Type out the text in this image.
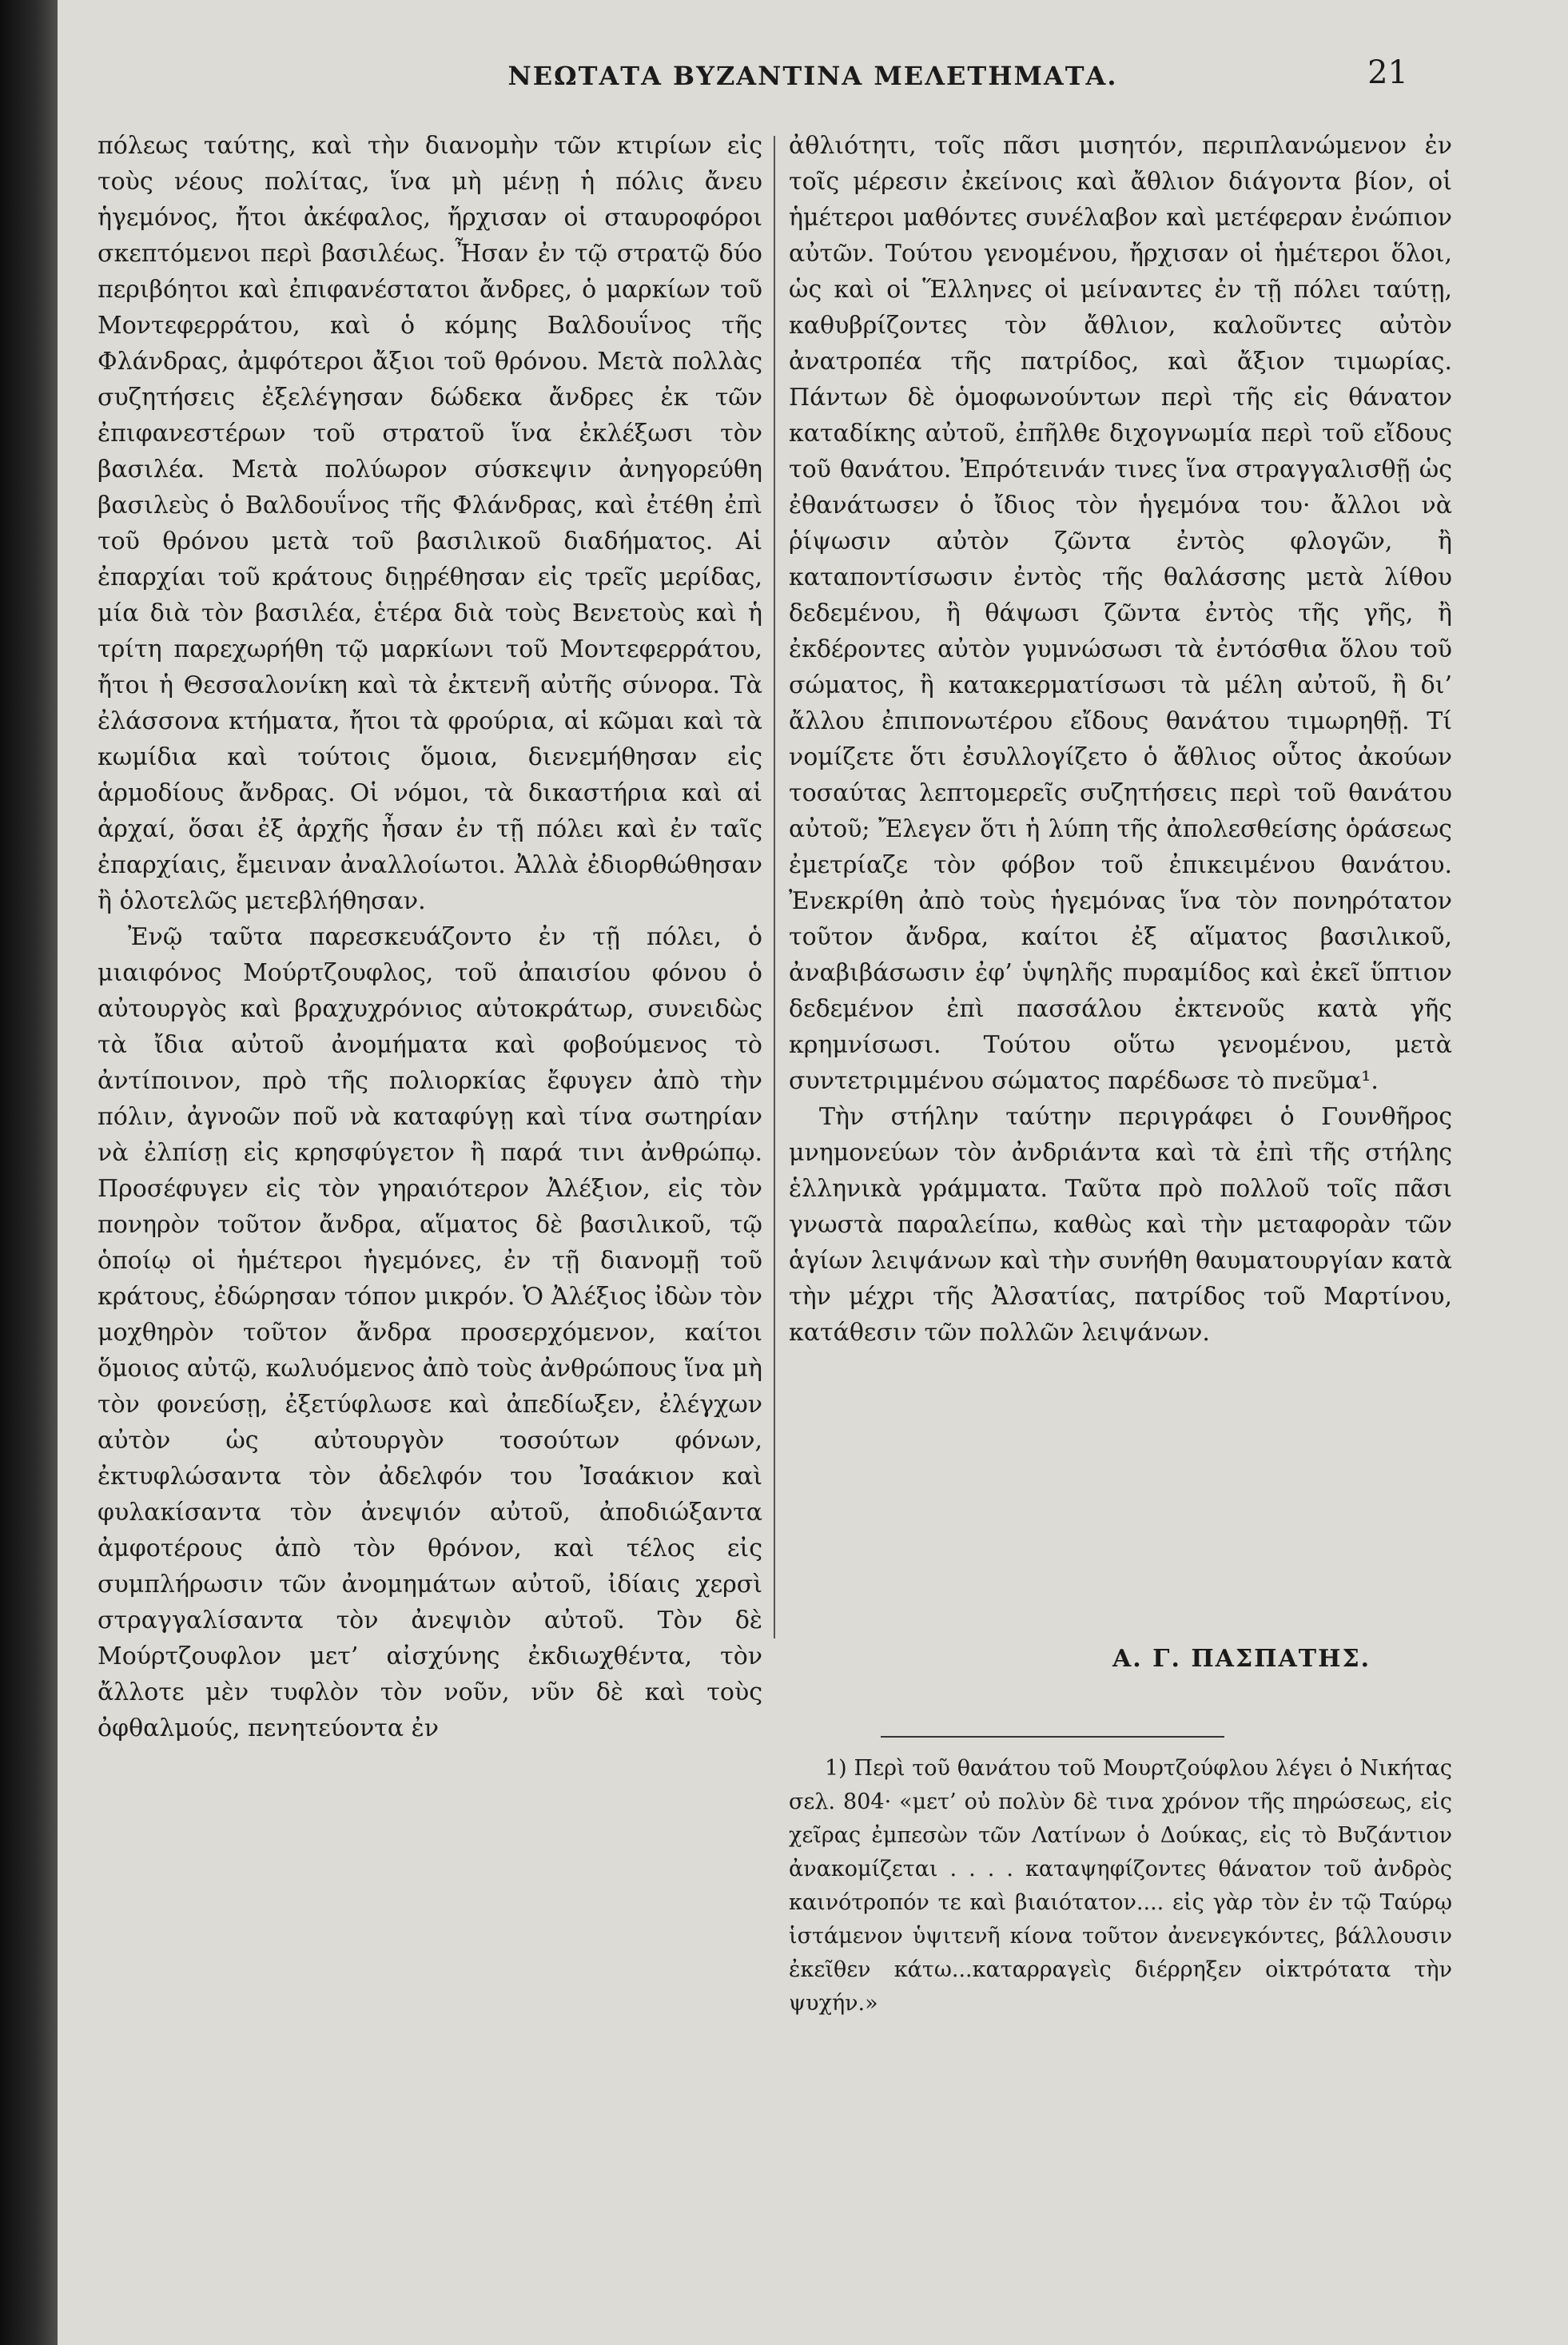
ΝΕΩΤΑΤΑ ΒΥΖΑΝΤΙΝΑ ΜΕΛΕΤΗΜΑΤΑ.	21

πόλεως ταύτης, καὶ τὴν διανομὴν τῶν κτιρίων εἰς τοὺς νέους πολίτας, ἵνα μὴ μένῃ ἡ πόλις ἄνευ ἡγεμόνος, ἤτοι ἀκέφαλος, ἤρχισαν οἱ σταυροφόροι σκεπτόμενοι περὶ βασιλέως. Ἦσαν ἐν τῷ στρατῷ δύο περιβόητοι καὶ ἐπιφανέστατοι ἄνδρες, ὁ μαρκίων τοῦ Μοντεφερράτου, καὶ ὁ κόμης Βαλδουΐνος τῆς Φλάνδρας, ἀμφότεροι ἄξιοι τοῦ θρόνου. Μετὰ πολλὰς συζητήσεις ἐξελέγησαν δώδεκα ἄνδρες ἐκ τῶν ἐπιφανεστέρων τοῦ στρατοῦ ἵνα ἐκλέξωσι τὸν βασιλέα. Μετὰ πολύωρον σύσκεψιν ἀνηγορεύθη βασιλεὺς ὁ Βαλδουΐνος τῆς Φλάνδρας, καὶ ἐτέθη ἐπὶ τοῦ θρόνου μετὰ τοῦ βασιλικοῦ διαδήματος. Αἱ ἐπαρχίαι τοῦ κράτους διῃρέθησαν εἰς τρεῖς μερίδας, μία διὰ τὸν βασιλέα, ἑτέρα διὰ τοὺς Βενετοὺς καὶ ἡ τρίτη παρεχωρήθη τῷ μαρκίωνι τοῦ Μοντεφερράτου, ἤτοι ἡ Θεσσαλονίκη καὶ τὰ ἐκτενῆ αὐτῆς σύνορα. Τὰ ἐλάσσονα κτήματα, ἤτοι τὰ φρούρια, αἱ κῶμαι καὶ τὰ κωμίδια καὶ τούτοις ὅμοια, διενεμήθησαν εἰς ἁρμοδίους ἄνδρας. Οἱ νόμοι, τὰ δικαστήρια καὶ αἱ ἀρχαί, ὅσαι ἐξ ἀρχῆς ἦσαν ἐν τῇ πόλει καὶ ἐν ταῖς ἐπαρχίαις, ἔμειναν ἀναλλοίωτοι. Ἀλλὰ ἐδιορθώθησαν ἢ ὁλοτελῶς μετεβλήθησαν.

Ἐνῷ ταῦτα παρεσκευάζοντο ἐν τῇ πόλει, ὁ μιαιφόνος Μούρτζουφλος, τοῦ ἀπαισίου φόνου ὁ αὐτουργὸς καὶ βραχυχρόνιος αὐτοκράτωρ, συνειδὼς τὰ ἴδια αὐτοῦ ἀνομήματα καὶ φοβούμενος τὸ ἀντίποινον, πρὸ τῆς πολιορκίας ἔφυγεν ἀπὸ τὴν πόλιν, ἀγνοῶν ποῦ νὰ καταφύγῃ καὶ τίνα σωτηρίαν νὰ ἐλπίσῃ εἰς κρησφύγετον ἢ παρά τινι ἀνθρώπῳ. Προσέφυγεν εἰς τὸν γηραιότερον Ἀλέξιον, εἰς τὸν πονηρὸν τοῦτον ἄνδρα, αἵματος δὲ βασιλικοῦ, τῷ ὁποίῳ οἱ ἡμέτεροι ἡγεμόνες, ἐν τῇ διανομῇ τοῦ κράτους, ἐδώρησαν τόπον μικρόν. Ὁ Ἀλέξιος ἰδὼν τὸν μοχθηρὸν τοῦτον ἄνδρα προσερχόμενον, καίτοι ὅμοιος αὐτῷ, κωλυόμενος ἀπὸ τοὺς ἀνθρώπους ἵνα μὴ τὸν φονεύσῃ, ἐξετύφλωσε καὶ ἀπεδίωξεν, ἐλέγχων αὐτὸν ὡς αὐτουργὸν τοσούτων φόνων, ἐκτυφλώσαντα τὸν ἀδελφόν του Ἰσαάκιον καὶ φυλακίσαντα τὸν ἀνεψιόν αὐτοῦ, ἀποδιώξαντα ἀμφοτέρους ἀπὸ τὸν θρόνον, καὶ τέλος εἰς συμπλήρωσιν τῶν ἀνομημάτων αὐτοῦ, ἰδίαις χερσὶ στραγγαλίσαντα τὸν ἀνεψιὸν αὐτοῦ. Τὸν δὲ Μούρτζουφλον μετ’ αἰσχύνης ἐκδιωχθέντα, τὸν ἄλλοτε μὲν τυφλὸν τὸν νοῦν, νῦν δὲ καὶ τοὺς ὀφθαλμούς, πενητεύοντα ἐν

ἀθλιότητι, τοῖς πᾶσι μισητόν, περιπλανώμενον ἐν τοῖς μέρεσιν ἐκείνοις καὶ ἄθλιον διάγοντα βίον, οἱ ἡμέτεροι μαθόντες συνέλαβον καὶ μετέφεραν ἐνώπιον αὐτῶν. Τούτου γενομένου, ἤρχισαν οἱ ἡμέτεροι ὅλοι, ὡς καὶ οἱ Ἕλληνες οἱ μείναντες ἐν τῇ πόλει ταύτῃ, καθυβρίζοντες τὸν ἄθλιον, καλοῦντες αὐτὸν ἀνατροπέα τῆς πατρίδος, καὶ ἄξιον τιμωρίας. Πάντων δὲ ὁμοφωνούντων περὶ τῆς εἰς θάνατον καταδίκης αὐτοῦ, ἐπῆλθε διχογνωμία περὶ τοῦ εἴδους τοῦ θανάτου. Ἐπρότεινάν τινες ἵνα στραγγαλισθῇ ὡς ἐθανάτωσεν ὁ ἴδιος τὸν ἡγεμόνα του· ἄλλοι νὰ ῥίψωσιν αὐτὸν ζῶντα ἐντὸς φλογῶν, ἢ καταποντίσωσιν ἐντὸς τῆς θαλάσσης μετὰ λίθου δεδεμένου, ἢ θάψωσι ζῶντα ἐντὸς τῆς γῆς, ἢ ἐκδέροντες αὐτὸν γυμνώσωσι τὰ ἐντόσθια ὅλου τοῦ σώματος, ἢ κατακερματίσωσι τὰ μέλη αὐτοῦ, ἢ δι’ ἄλλου ἐπιπονωτέρου εἴδους θανάτου τιμωρηθῇ. Τί νομίζετε ὅτι ἐσυλλογίζετο ὁ ἄθλιος οὗτος ἀκούων τοσαύτας λεπτομερεῖς συζητήσεις περὶ τοῦ θανάτου αὐτοῦ; Ἔλεγεν ὅτι ἡ λύπη τῆς ἀπολεσθείσης ὁράσεως ἐμετρίαζε τὸν φόβον τοῦ ἐπικειμένου θανάτου. Ἐνεκρίθη ἀπὸ τοὺς ἡγεμόνας ἵνα τὸν πονηρότατον τοῦτον ἄνδρα, καίτοι ἐξ αἵματος βασιλικοῦ, ἀναβιβάσωσιν ἐφ’ ὑψηλῆς πυραμίδος καὶ ἐκεῖ ὕπτιον δεδεμένον ἐπὶ πασσάλου ἐκτενοῦς κατὰ γῆς κρημνίσωσι. Τούτου οὕτω γενομένου, μετὰ συντετριμμένου σώματος παρέδωσε τὸ πνεῦμα¹.

Τὴν στήλην ταύτην περιγράφει ὁ Γουνθῆρος μνημονεύων τὸν ἀνδριάντα καὶ τὰ ἐπὶ τῆς στήλης ἑλληνικὰ γράμματα. Ταῦτα πρὸ πολλοῦ τοῖς πᾶσι γνωστὰ παραλείπω, καθὼς καὶ τὴν μεταφορὰν τῶν ἁγίων λειψάνων καὶ τὴν συνήθη θαυματουργίαν κατὰ τὴν μέχρι τῆς Ἀλσατίας, πατρίδος τοῦ Μαρτίνου, κατάθεσιν τῶν πολλῶν λειψάνων.

Α. Γ. ΠΑΣΠΑΤΗΣ.

1) Περὶ τοῦ θανάτου τοῦ Μουρτζούφλου λέγει ὁ Νικήτας σελ. 804· «μετ’ οὐ πολὺν δὲ τινα χρόνον τῆς πηρώσεως, εἰς χεῖρας ἐμπεσὼν τῶν Λατίνων ὁ Δούκας, εἰς τὸ Βυζάντιον ἀνακομίζεται . . . . καταψηφίζοντες θάνατον τοῦ ἀνδρὸς καινότροπόν τε καὶ βιαιότατον.... εἰς γὰρ τὸν ἐν τῷ Ταύρῳ ἱστάμενον ὑψιτενῆ κίονα τοῦτον ἀνενεγκόντες, βάλλουσιν ἐκεῖθεν κάτω...καταρραγεὶς διέρρηξεν οἰκτρότατα τὴν ψυχήν.»
